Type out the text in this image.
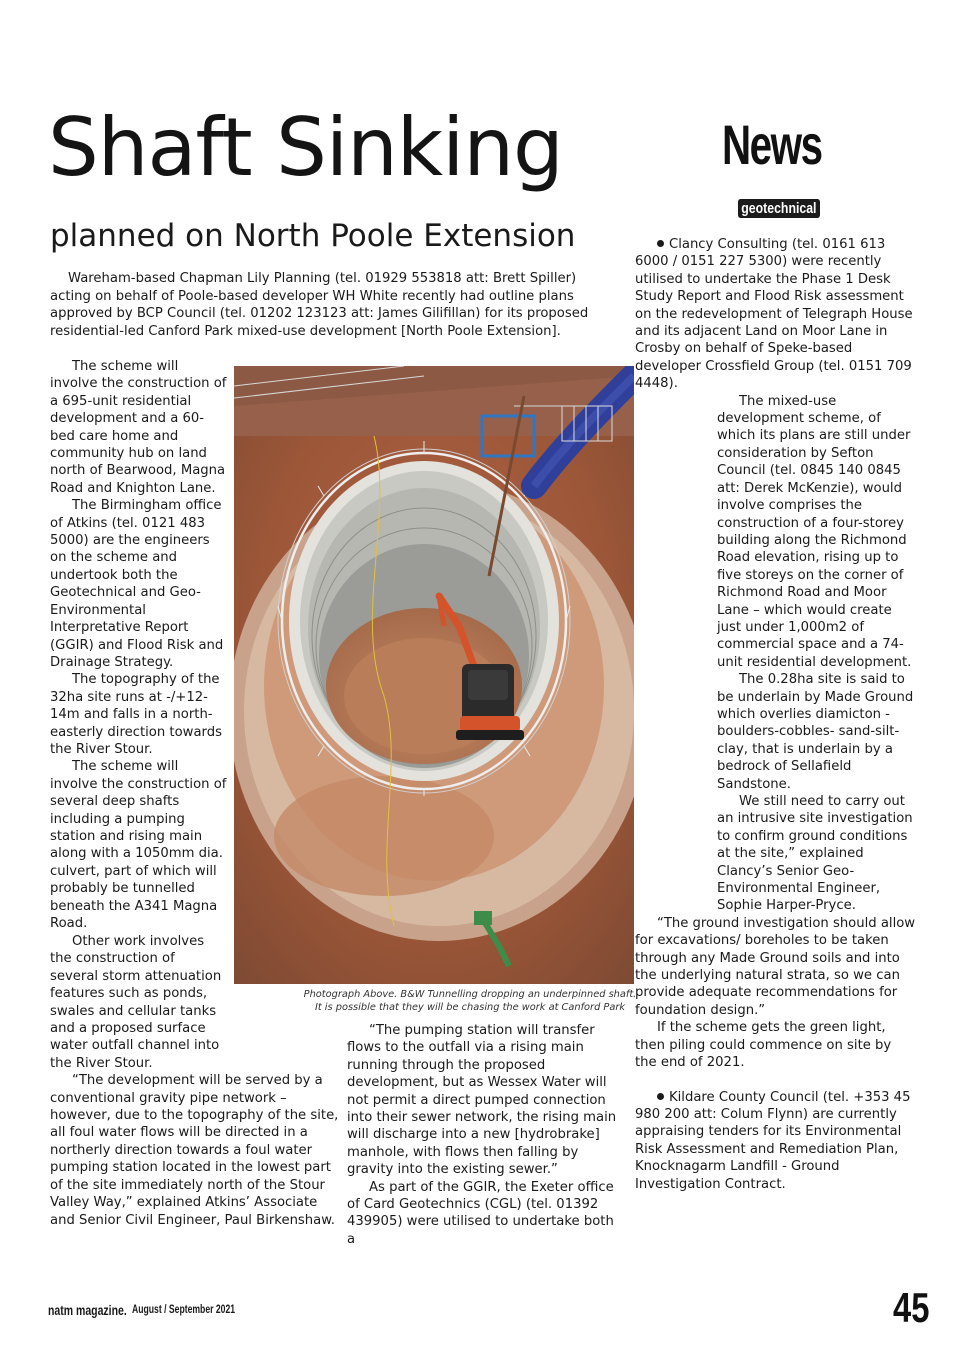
Shaft Sinking
planned on North Poole Extension
News
geotechnical
Wareham-based Chapman Lily Planning (tel. 01929 553818 att: Brett Spiller) acting on behalf of Poole-based developer WH White recently had outline plans approved by BCP Council (tel. 01202 123123 att: James Gilifillan) for its proposed residential-led Canford Park mixed-use development [North Poole Extension].

The scheme will involve the construction of a 695-unit residential development and a 60-bed care home and community hub on land north of Bearwood, Magna Road and Knighton Lane.

The Birmingham office of Atkins (tel. 0121 483 5000) are the engineers on the scheme and undertook both the Geotechnical and Geo-Environmental Interpretative Report (GGIR) and Flood Risk and Drainage Strategy.

The topography of the 32ha site runs at -/+12-14m and falls in a north-easterly direction towards the River Stour.

The scheme will involve the construction of several deep shafts including a pumping station and rising main along with a 1050mm dia. culvert, part of which will probably be tunnelled beneath the A341 Magna Road.

Other work involves the construction of several storm attenuation features such as ponds, swales and cellular tanks and a proposed surface water outfall channel into the River Stour.

“The development will be served by a conventional gravity pipe network – however, due to the topography of the site, all foul water flows will be directed in a northerly direction towards a foul water pumping station located in the lowest part of the site immediately north of the Stour Valley Way,” explained Atkins’ Associate and Senior Civil Engineer, Paul Birkenshaw.

“The pumping station will transfer flows to the outfall via a rising main running through the proposed development, but as Wessex Water will not permit a direct pumped connection into their sewer network, the rising main will discharge into a new [hydrobrake] manhole, with flows then falling by gravity into the existing sewer.”

As part of the GGIR, the Exeter office of Card Geotechnics (CGL) (tel. 01392 439905) were utilised to undertake both a

Photograph Above. B&W Tunnelling dropping an underpinned shaft.
It is possible that they will be chasing the work at Canford Park

Clancy Consulting (tel. 0161 613 6000 / 0151 227 5300) were recently utilised to undertake the Phase 1 Desk Study Report and Flood Risk assessment on the redevelopment of Telegraph House and its adjacent Land on Moor Lane in Crosby on behalf of Speke-based developer Crossfield Group (tel. 0151 709 4448).

The mixed-use development scheme, of which its plans are still under consideration by Sefton Council (tel. 0845 140 0845 att: Derek McKenzie), would involve comprises the construction of a four-storey building along the Richmond Road elevation, rising up to five storeys on the corner of Richmond Road and Moor Lane – which would create just under 1,000m2 of commercial space and a 74-unit residential development.

The 0.28ha site is said to be underlain by Made Ground which overlies diamicton - boulders-cobbles- sand-silt-clay, that is underlain by a bedrock of Sellafield Sandstone.

We still need to carry out an intrusive site investigation to confirm ground conditions at the site,” explained Clancy’s Senior Geo-Environmental Engineer, Sophie Harper-Pryce.

“The ground investigation should allow for excavations/ boreholes to be taken through any Made Ground soils and into the underlying natural strata, so we can provide adequate recommendations for foundation design.”

If the scheme gets the green light, then piling could commence on site by the end of 2021.

Kildare County Council (tel. +353 45 980 200 att: Colum Flynn) are currently appraising tenders for its Environmental Risk Assessment and Remediation Plan, Knocknagarm Landfill - Ground Investigation Contract.

natm magazine. August / September 2021	45
